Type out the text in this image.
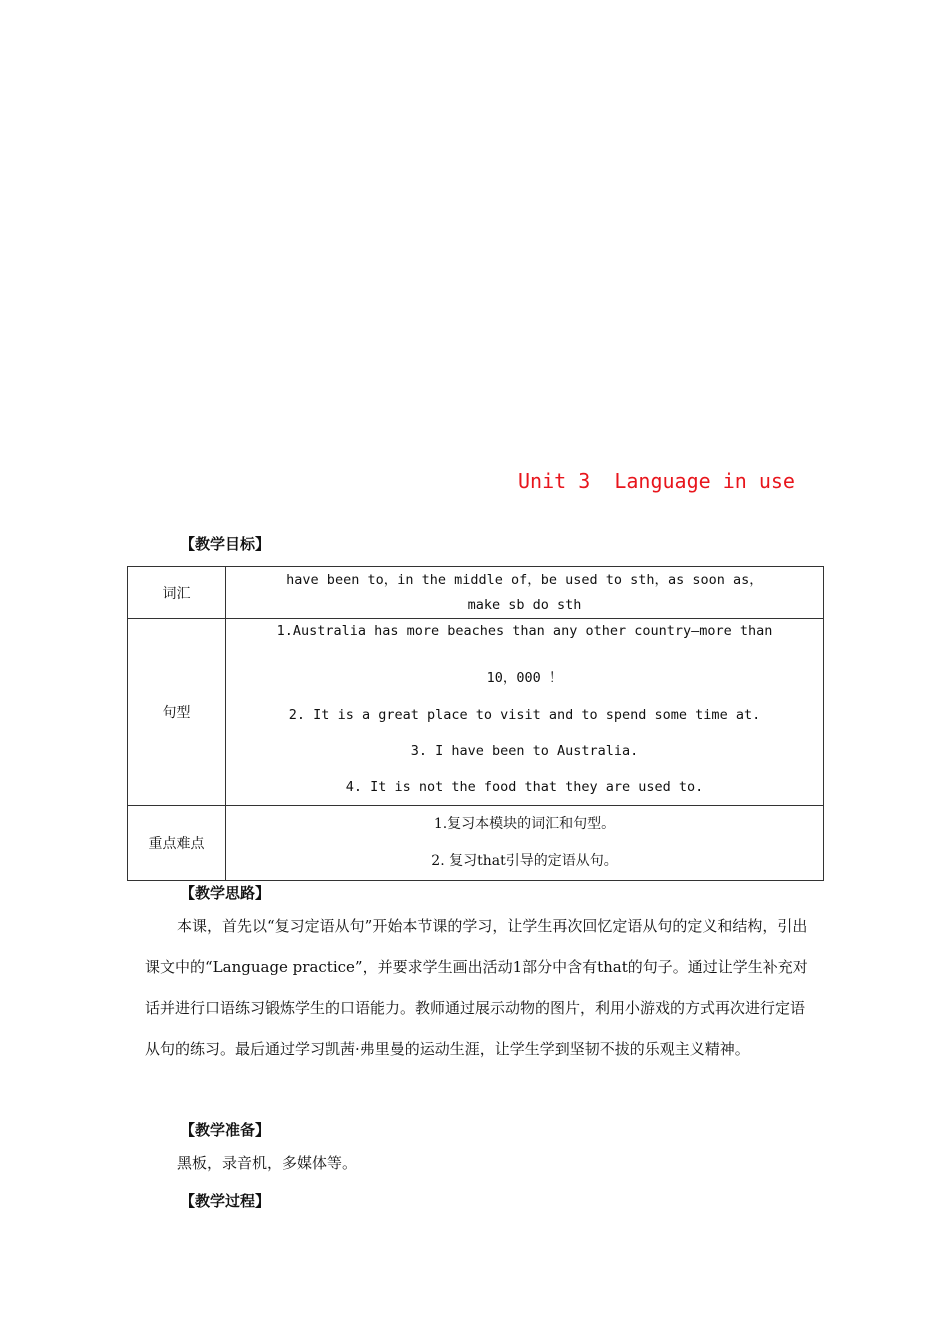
Unit 3  Language in use
【教学目标】
词汇	have been to，in the middle of，be used to sth，as soon as，
make sb do sth

句型	1.Australia has more beaches than any other country—more than
10，000 ！
2. It is a great place to visit and to spend some time at.
3. I have been to Australia.
4. It is not the food that they are used to.

重点难点	1.复习本模块的词汇和句型。
2. 复习that引导的定语从句。
【教学思路】

本课，首先以“复习定语从句”开始本节课的学习，让学生再次回忆定语从句的定义和结构，引出课文中的“Language practice”，并要求学生画出活动1部分中含有that的句子。通过让学生补充对话并进行口语练习锻炼学生的口语能力。教师通过展示动物的图片，利用小游戏的方式再次进行定语从句的练习。最后通过学习凯茜·弗里曼的运动生涯，让学生学到坚韧不拔的乐观主义精神。

【教学准备】

黑板，录音机，多媒体等。

【教学过程】
